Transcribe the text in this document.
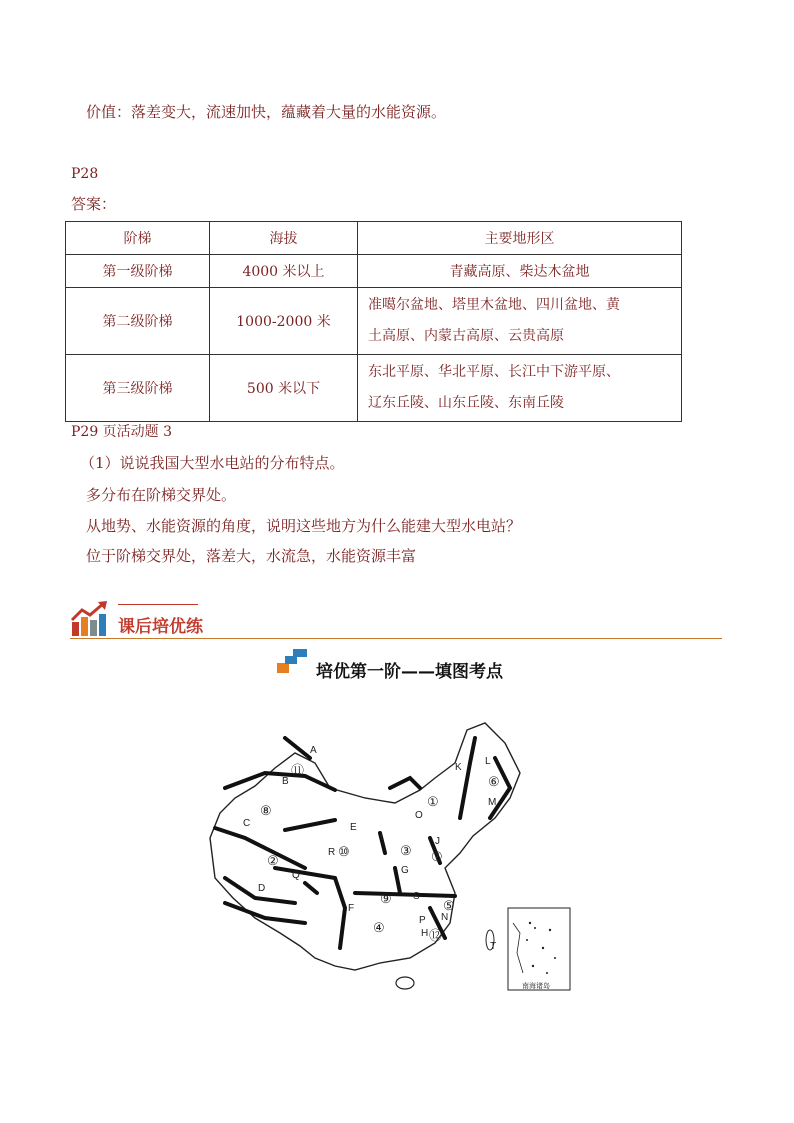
价值：落差变大，流速加快，蕴藏着大量的水能资源。
P28
答案：
阶梯	海拔	主要地形区
第一级阶梯	4000 米以上	青藏高原、柴达木盆地
第二级阶梯	1000-2000 米	准噶尔盆地、塔里木盆地、四川盆地、黄
土高原、内蒙古高原、云贵高原

第三级阶梯	500 米以下	东北平原、华北平原、长江中下游平原、
辽东丘陵、山东丘陵、东南丘陵
P29 页活动题 3
（1）说说我国大型水电站的分布特点。
多分布在阶梯交界处。
从地势、水能资源的角度，说明这些地方为什么能建大型水电站？
位于阶梯交界处，落差大，水流急，水能资源丰富
课后培优练
培优第一阶——填图考点
A
B
C
D
E
F
G
H
I	J
K
L
M
N
O
P
Q
R
S
T
①
②
③
④
⑤
⑥
⑦
⑧
⑨
⑩
⑪
⑫
南海诸岛
